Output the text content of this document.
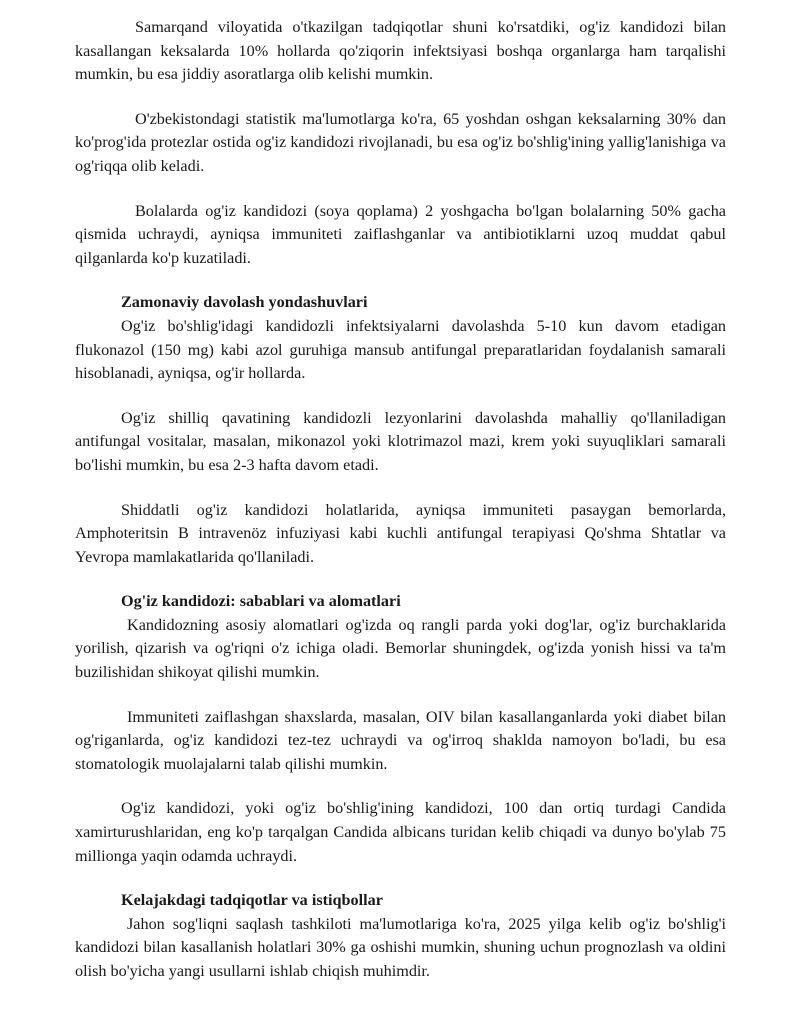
Samarqand viloyatida o'tkazilgan tadqiqotlar shuni ko'rsatdiki, og'iz kandidozi bilan kasallangan keksalarda 10% hollarda qo'ziqorin infektsiyasi boshqa organlarga ham tarqalishi mumkin, bu esa jiddiy asoratlarga olib kelishi mumkin.

O'zbekistondagi statistik ma'lumotlarga ko'ra, 65 yoshdan oshgan keksalarning 30% dan ko'prog'ida protezlar ostida og'iz kandidozi rivojlanadi, bu esa og'iz bo'shlig'ining yallig'lanishiga va og'riqqa olib keladi.

Bolalarda og'iz kandidozi (soya qoplama) 2 yoshgacha bo'lgan bolalarning 50% gacha qismida uchraydi, ayniqsa immuniteti zaiflashganlar va antibiotiklarni uzoq muddat qabul qilganlarda ko'p kuzatiladi.

Zamonaviy davolash yondashuvlari

Og'iz bo'shlig'idagi kandidozli infektsiyalarni davolashda 5-10 kun davom etadigan flukonazol (150 mg) kabi azol guruhiga mansub antifungal preparatlaridan foydalanish samarali hisoblanadi, ayniqsa, og'ir hollarda.

Og'iz shilliq qavatining kandidozli lezyonlarini davolashda mahalliy qo'llaniladigan antifungal vositalar, masalan, mikonazol yoki klotrimazol mazi, krem yoki suyuqliklari samarali bo'lishi mumkin, bu esa 2-3 hafta davom etadi.

Shiddatli og'iz kandidozi holatlarida, ayniqsa immuniteti pasaygan bemorlarda, Amphoteritsin B intravenöz infuziyasi kabi kuchli antifungal terapiyasi Qo'shma Shtatlar va Yevropa mamlakatlarida qo'llaniladi.

Og'iz kandidozi: sabablari va alomatlari

Kandidozning asosiy alomatlari og'izda oq rangli parda yoki dog'lar, og'iz burchaklarida yorilish, qizarish va og'riqni o'z ichiga oladi. Bemorlar shuningdek, og'izda yonish hissi va ta'm buzilishidan shikoyat qilishi mumkin.

Immuniteti zaiflashgan shaxslarda, masalan, OIV bilan kasallanganlarda yoki diabet bilan og'riganlarda, og'iz kandidozi tez-tez uchraydi va og'irroq shaklda namoyon bo'ladi, bu esa stomatologik muolajalarni talab qilishi mumkin.

Og'iz kandidozi, yoki og'iz bo'shlig'ining kandidozi, 100 dan ortiq turdagi Candida xamirturushlaridan, eng ko'p tarqalgan Candida albicans turidan kelib chiqadi va dunyo bo'ylab 75 millionga yaqin odamda uchraydi.

Kelajakdagi tadqiqotlar va istiqbollar

Jahon sog'liqni saqlash tashkiloti ma'lumotlariga ko'ra, 2025 yilga kelib og'iz bo'shlig'i kandidozi bilan kasallanish holatlari 30% ga oshishi mumkin, shuning uchun prognozlash va oldini olish bo'yicha yangi usullarni ishlab chiqish muhimdir.
